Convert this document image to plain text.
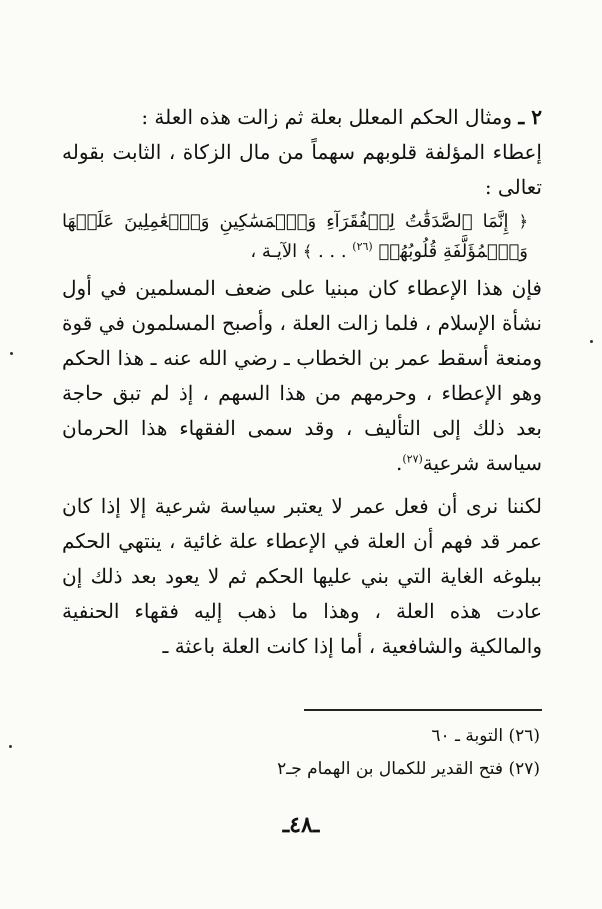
٢ ـ ومثال الحكم المعلل بعلة ثم زالت هذه العلة :
إعطاء المؤلفة قلوبهم سهماً من مال الزكاة ، الثابت بقوله تعالى :
﴿ إِنَّمَا ٱلصَّدَقَٰتُ لِلۡفُقَرَآءِ وَٱلۡمَسَٰكِينِ وَٱلۡعَٰمِلِينَ عَلَيۡهَا وَٱلۡمُؤَلَّفَةِ قُلُوبُهُمۡ $^{(٢٦)}$ . . . ﴾ الآيـة ،
فإن هذا الإعطاء كان مبنيا على ضعف المسلمين في أول نشأة الإسلام ، فلما زالت العلة ، وأصبح المسلمون في قوة ومنعة أسقط عمر بن الخطاب ـ رضي الله عنه ـ هذا الحكم وهو الإعطاء ، وحرمهم من هذا السهم ، إذ لم تبق حاجة بعد ذلك إلى التأليف ، وقد سمى الفقهاء هذا الحرمان سياسة شرعية$^{(٢٧)}$.

لكننا نرى أن فعل عمر لا يعتبر سياسة شرعية إلا إذا كان عمر قد فهم أن العلة في الإعطاء علة غائية ، ينتهي الحكم ببلوغه الغاية التي بني عليها الحكم ثم لا يعود بعد ذلك إن عادت هذه العلة ، وهذا ما ذهب إليه فقهاء الحنفية والمالكية والشافعية ، أما إذا كانت العلة باعثة ـ

(٢٦) التوبة ـ ٦٠
(٢٧) فتح القدير للكمال بن الهمام جـ٢
ـ٤٨ـ
